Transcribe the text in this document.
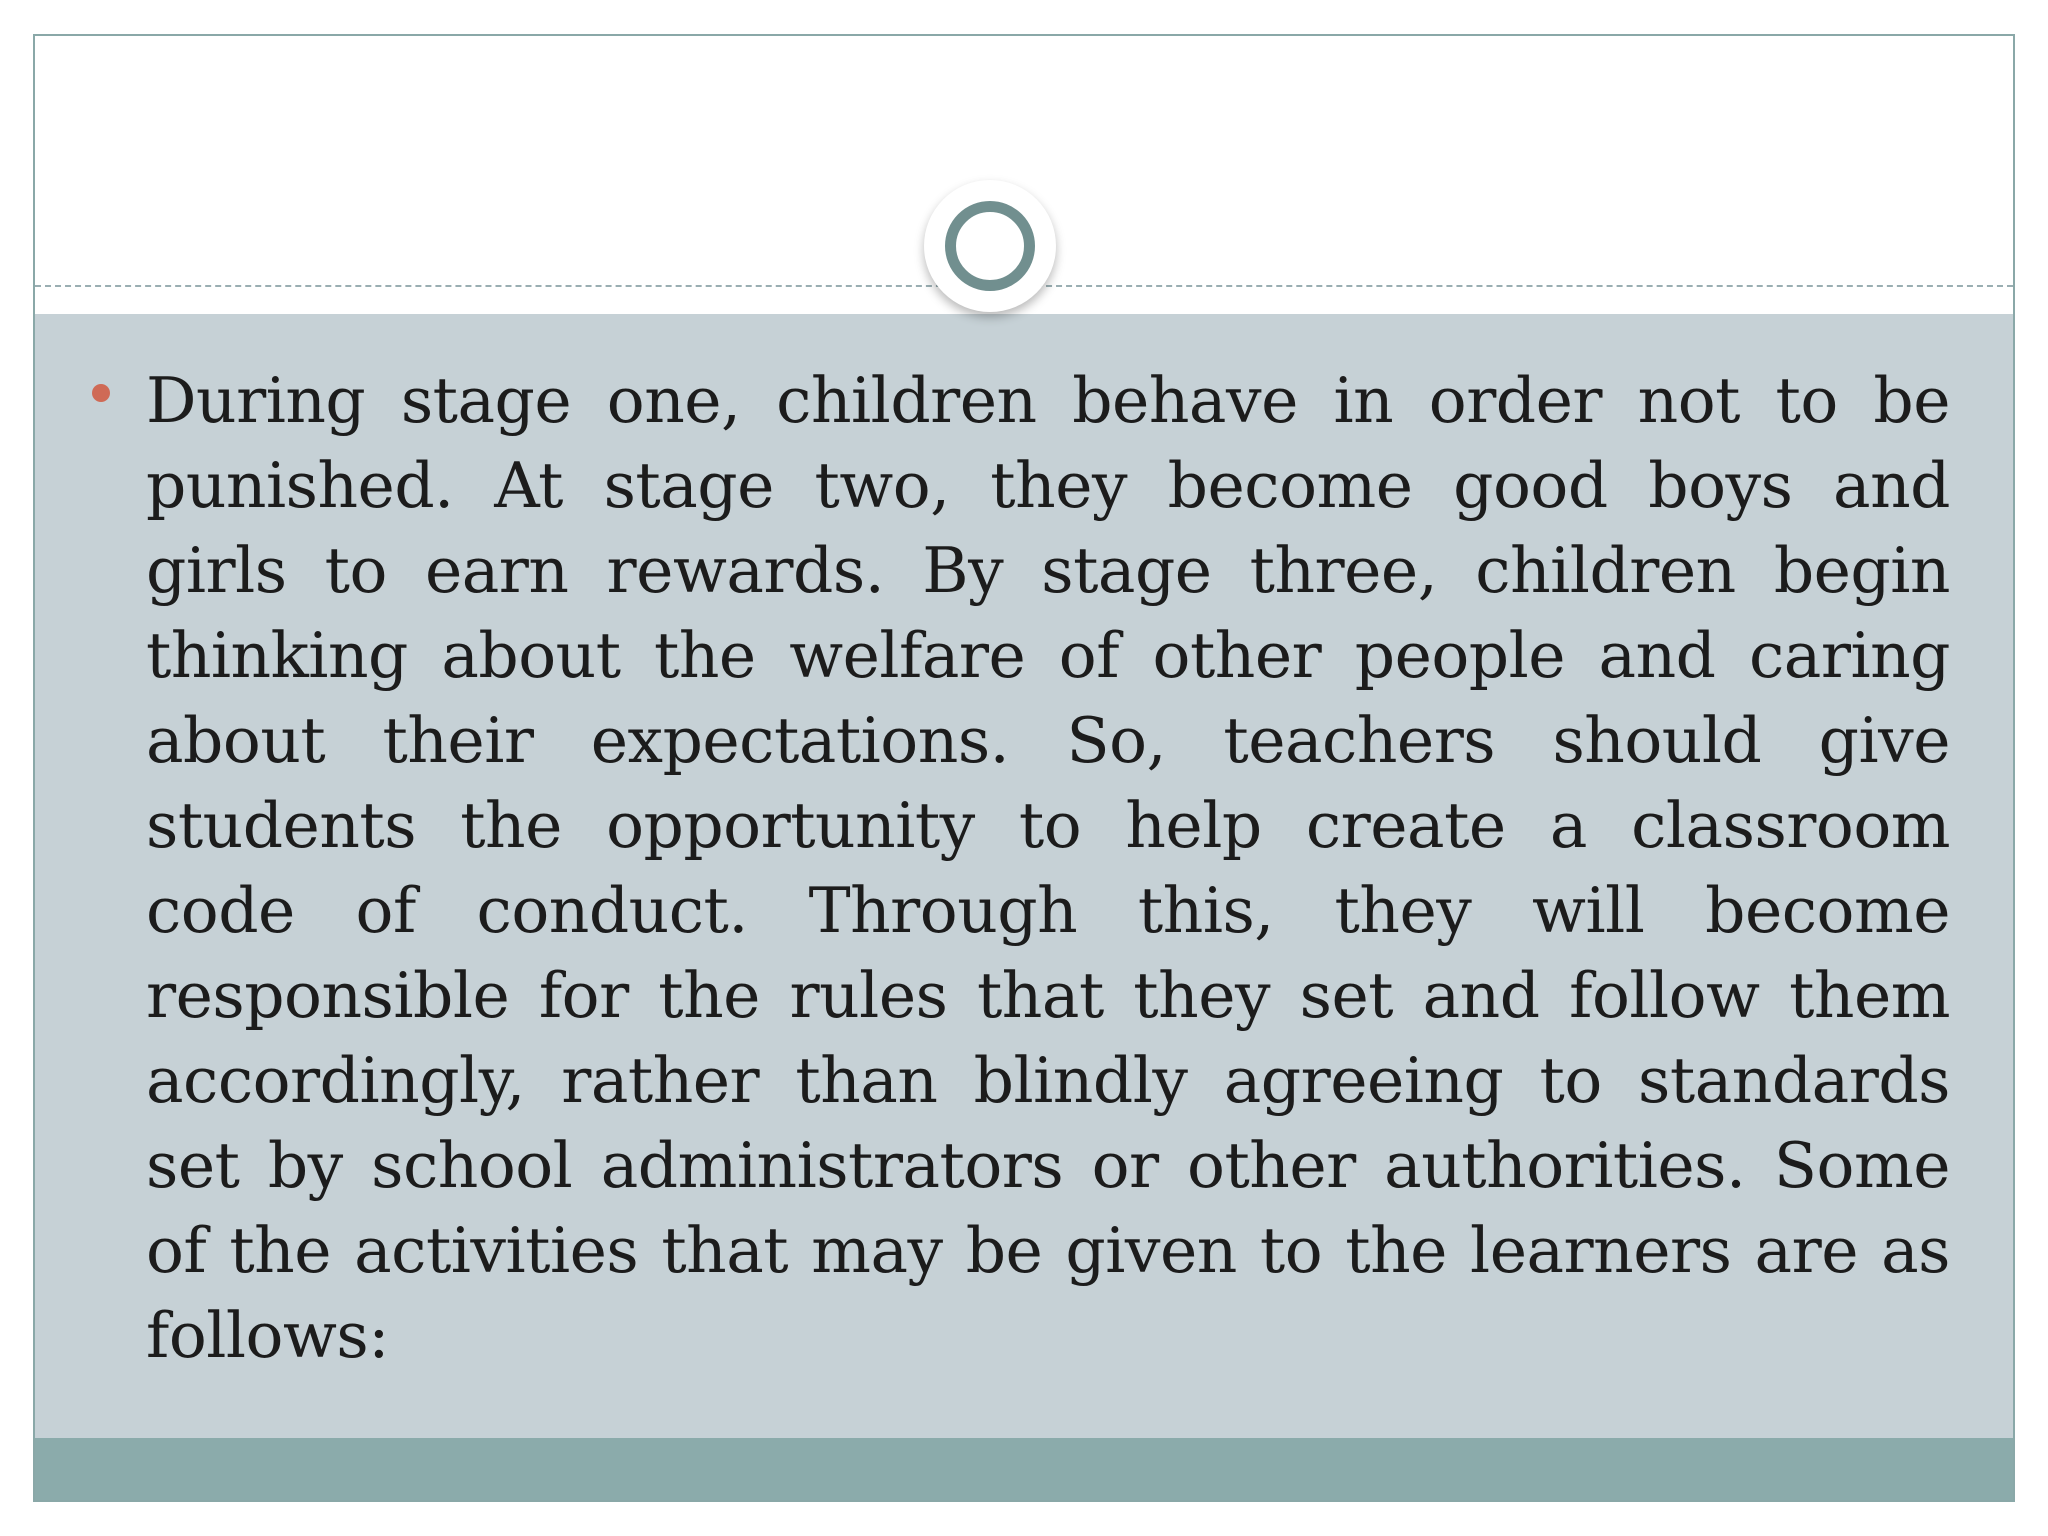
During stage one, children behave in order not to be punished. At stage two, they become good boys and girls to earn rewards. By stage three, children begin thinking about the welfare of other people and caring about their expectations. So, teachers should give students the opportunity to help create a classroom code of conduct. Through this, they will become responsible for the rules that they set and follow them accordingly, rather than blindly agreeing to standards set by school administrators or other authorities. Some of the activities that may be given to the learners are as follows:
